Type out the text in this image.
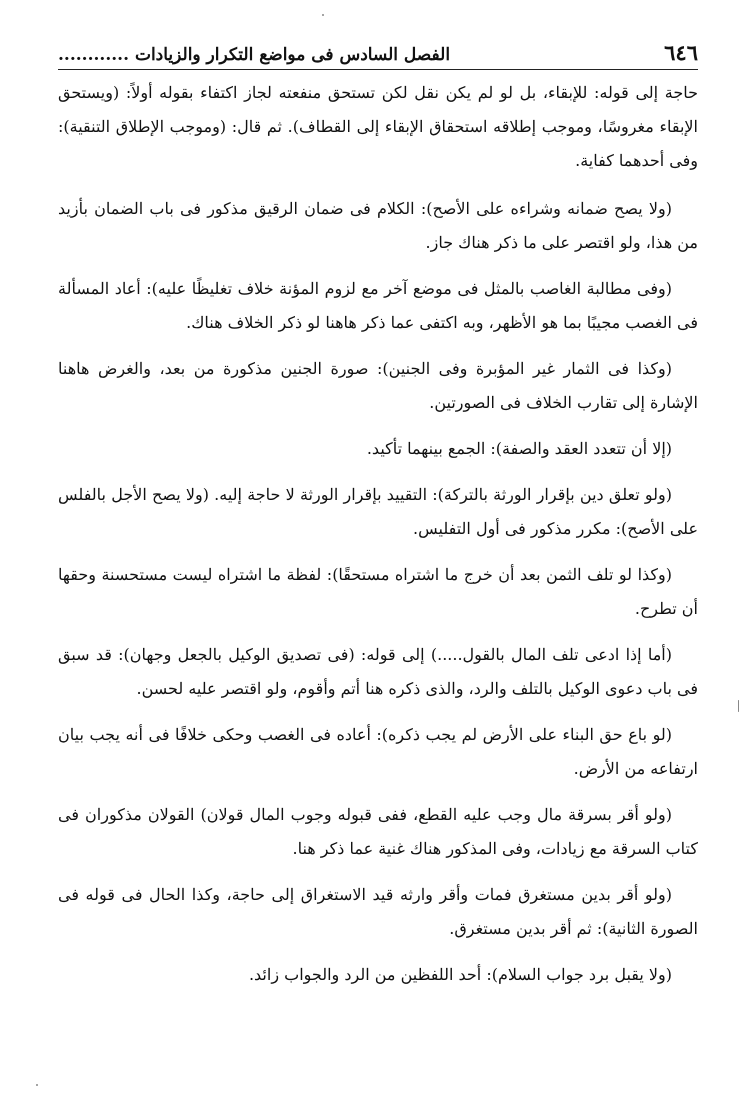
٦٤٦
الفصل السادس فى مواضع التكرار والزيادات ............

حاجة إلى قوله: للإبقاء، بل لو لم يكن نقل لكن تستحق منفعته لجاز اكتفاء بقوله أولاً: (ويستحق الإبقاء مغروسًا، وموجب إطلاقه استحقاق الإبقاء إلى القطاف). ثم قال: (وموجب الإطلاق التنقية): وفى أحدهما كفاية.

(ولا يصح ضمانه وشراءه على الأصح): الكلام فى ضمان الرقيق مذكور فى باب الضمان بأزيد من هذا، ولو اقتصر على ما ذكر هناك جاز.

(وفى مطالبة الغاصب بالمثل فى موضع آخر مع لزوم المؤنة خلاف تغليظًا عليه): أعاد المسألة فى الغصب مجيبًا بما هو الأظهر، وبه اكتفى عما ذكر هاهنا لو ذكر الخلاف هناك.

(وكذا فى الثمار غير المؤبرة وفى الجنين): صورة الجنين مذكورة من بعد، والغرض هاهنا الإشارة إلى تقارب الخلاف فى الصورتين.

(إلا أن تتعدد العقد والصفة): الجمع بينهما تأكيد.

(ولو تعلق دين بإقرار الورثة بالتركة): التقييد بإقرار الورثة لا حاجة إليه. (ولا يصح الأجل بالفلس على الأصح): مكرر مذكور فى أول التفليس.

(وكذا لو تلف الثمن بعد أن خرج ما اشتراه مستحقًا): لفظة ما اشتراه ليست مستحسنة وحقها أن تطرح.

(أما إذا ادعى تلف المال بالقول.....) إلى قوله: (فى تصديق الوكيل بالجعل وجهان): قد سبق فى باب دعوى الوكيل بالتلف والرد، والذى ذكره هنا أتم وأقوم، ولو اقتصر عليه لحسن.

(لو باع حق البناء على الأرض لم يجب ذكره): أعاده فى الغصب وحكى خلافًا فى أنه يجب بيان ارتفاعه من الأرض.

(ولو أقر بسرقة مال وجب عليه القطع، ففى قبوله وجوب المال قولان) القولان مذكوران فى كتاب السرقة مع زيادات، وفى المذكور هناك غنية عما ذكر هنا.

(ولو أقر بدين مستغرق فمات وأقر وارثه قيد الاستغراق إلى حاجة، وكذا الحال فى قوله فى الصورة الثانية): ثم أقر بدين مستغرق.

(ولا يقبل برد جواب السلام): أحد اللفظين من الرد والجواب زائد.
